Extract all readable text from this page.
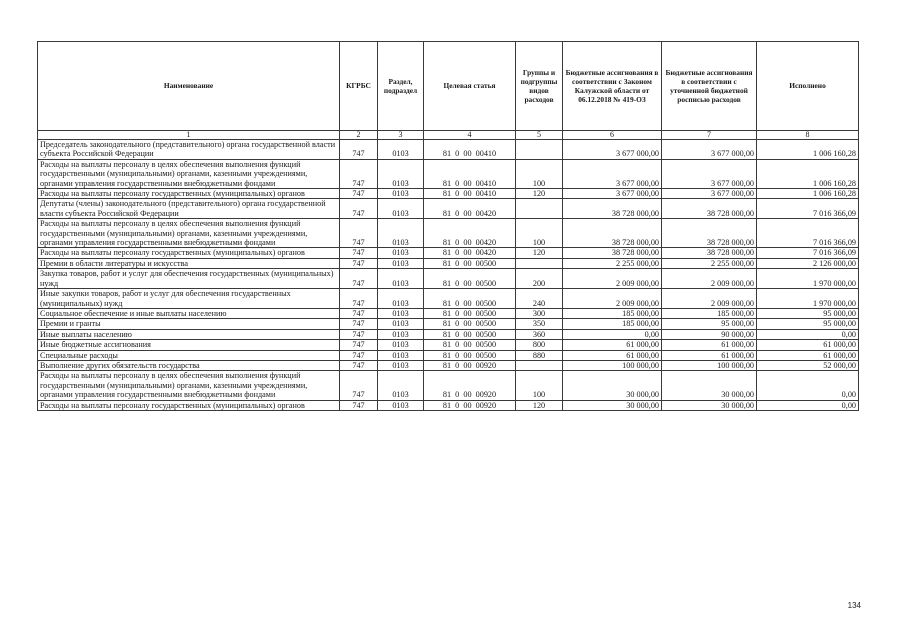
Наименование	КГРБС	Раздел, подраздел	Целевая статья	Группы и подгруппы видов расходов	Бюджетные ассигнования в соответствии с Законом Калужской области от 06.12.2018 № 419-ОЗ	Бюджетные ассигнования в соответствии с уточненной бюджетной росписью расходов	Исполнено
1	2	3	4	5	6	7	8
Председатель законодательного (представительного) органа государственной власти субъекта Российской Федерации	747	0103	81  0  00  00410		3 677 000,00	3 677 000,00	1 006 160,28
Расходы на выплаты персоналу в целях обеспечения выполнения функций государственными (муниципальными) органами, казенными учреждениями, органами управления государственными внебюджетными фондами	747	0103	81  0  00  00410	100	3 677 000,00	3 677 000,00	1 006 160,28
Расходы на выплаты персоналу государственных (муниципальных) органов	747	0103	81  0  00  00410	120	3 677 000,00	3 677 000,00	1 006 160,28
Депутаты (члены) законодательного (представительного) органа государственной власти субъекта Российской Федерации	747	0103	81  0  00  00420		38 728 000,00	38 728 000,00	7 016 366,09
Расходы на выплаты персоналу в целях обеспечения выполнения функций государственными (муниципальными) органами, казенными учреждениями, органами управления государственными внебюджетными фондами	747	0103	81  0  00  00420	100	38 728 000,00	38 728 000,00	7 016 366,09
Расходы на выплаты персоналу государственных (муниципальных) органов	747	0103	81  0  00  00420	120	38 728 000,00	38 728 000,00	7 016 366,09
Премии в области литературы и искусства	747	0103	81  0  00  00500		2 255 000,00	2 255 000,00	2 126 000,00
Закупка товаров, работ и услуг для обеспечения государственных (муниципальных) нужд	747	0103	81  0  00  00500	200	2 009 000,00	2 009 000,00	1 970 000,00
Иные закупки товаров, работ и услуг для обеспечения государственных (муниципальных) нужд	747	0103	81  0  00  00500	240	2 009 000,00	2 009 000,00	1 970 000,00
Социальное обеспечение и иные выплаты населению	747	0103	81  0  00  00500	300	185 000,00	185 000,00	95 000,00
Премии и гранты	747	0103	81  0  00  00500	350	185 000,00	95 000,00	95 000,00
Иные выплаты населению	747	0103	81  0  00  00500	360	0,00	90 000,00	0,00
Иные бюджетные ассигнования	747	0103	81  0  00  00500	800	61 000,00	61 000,00	61 000,00
Специальные расходы	747	0103	81  0  00  00500	880	61 000,00	61 000,00	61 000,00
Выполнение других обязательств государства	747	0103	81  0  00  00920		100 000,00	100 000,00	52 000,00
Расходы на выплаты персоналу в целях обеспечения выполнения функций государственными (муниципальными) органами, казенными учреждениями, органами управления государственными внебюджетными фондами	747	0103	81  0  00  00920	100	30 000,00	30 000,00	0,00
Расходы на выплаты персоналу государственных (муниципальных) органов	747	0103	81  0  00  00920	120	30 000,00	30 000,00	0,00
134
